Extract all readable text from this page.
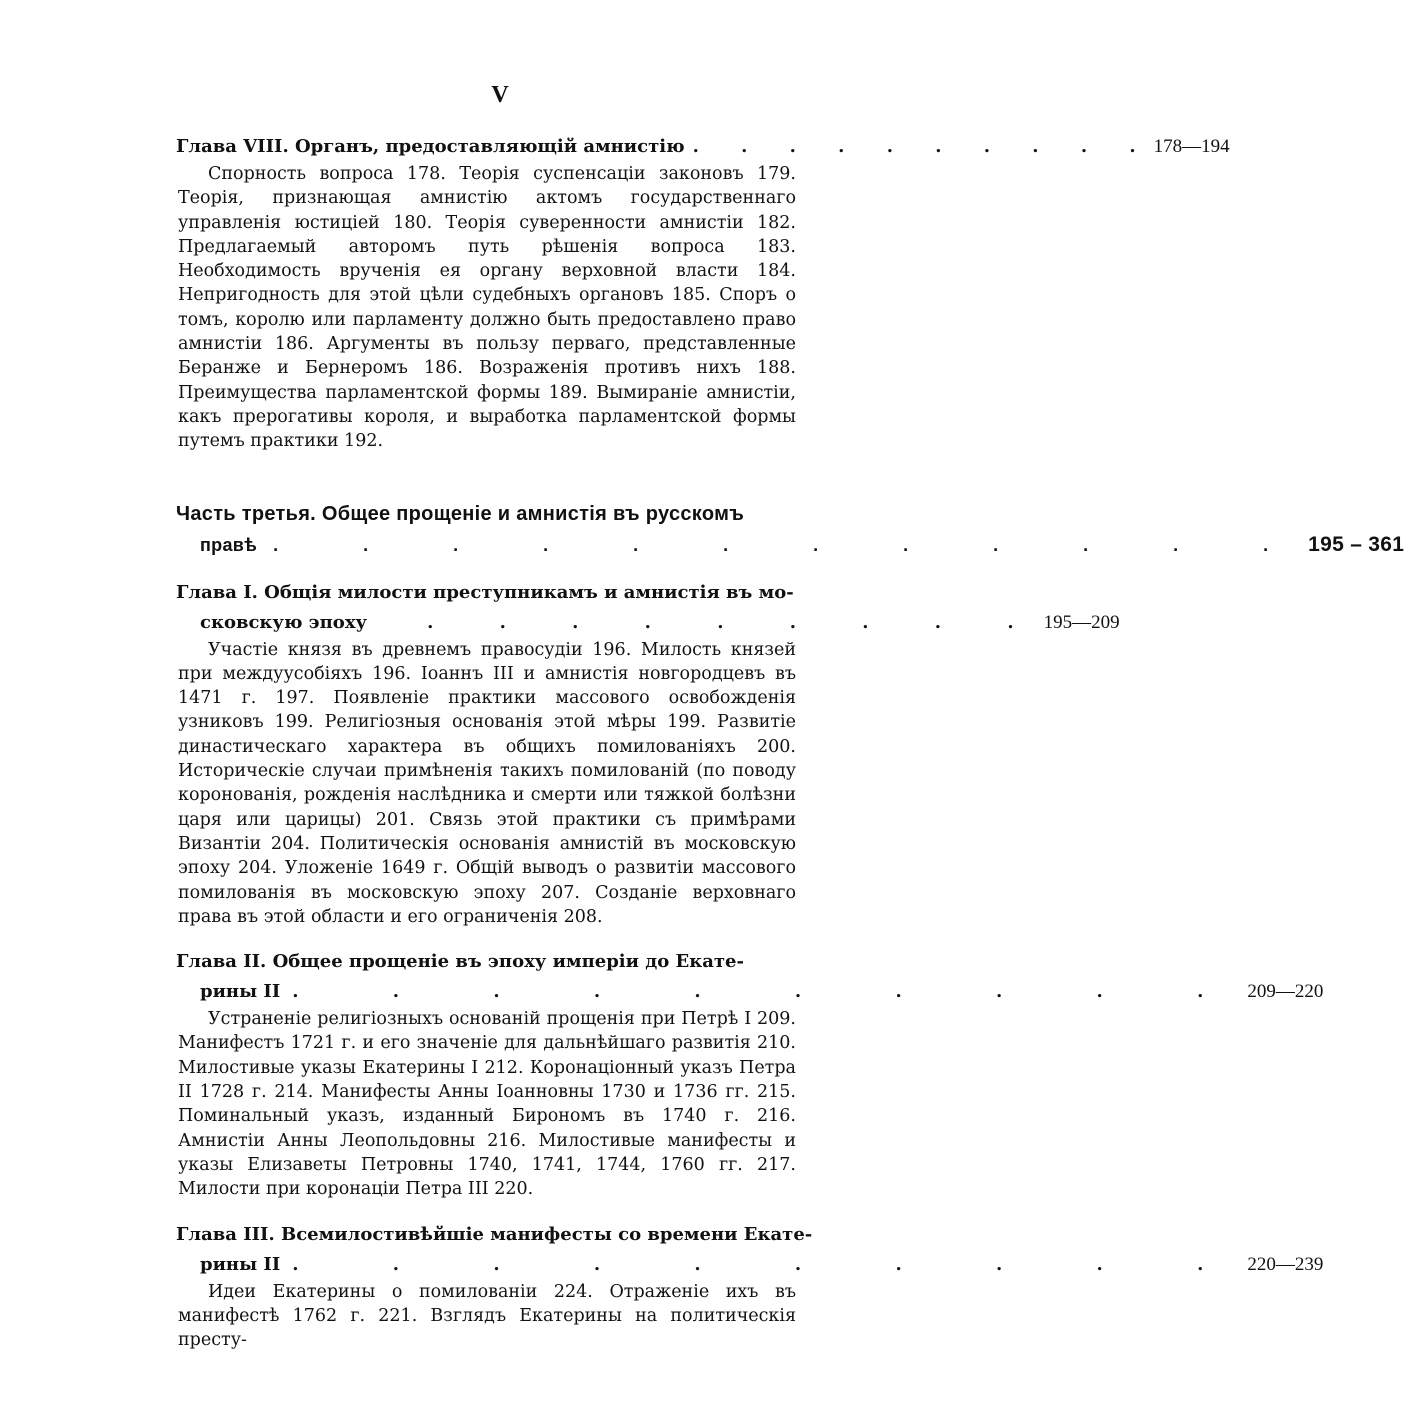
V
Глава VIII. Органъ, предоставляющій амнистію . . . . . . . . . . 178—194
Спорность вопроса 178. Теорія суспенсаціи законовъ 179. Теорія, признающая амнистію актомъ государственнаго управленія юстиціей 180. Теорія суверенности амнистіи 182. Предлагаемый авторомъ путь рѣшенія вопроса 183. Необходимость врученія ея органу верховной власти 184. Непригодность для этой цѣли судебныхъ органовъ 185. Споръ о томъ, королю или парламенту должно быть предоставлено право амнистіи 186. Аргументы въ пользу перваго, представленные Беранже и Бернеромъ 186. Возраженія противъ нихъ 188. Преимущества парламентской формы 189. Вымираніе амнистіи, какъ прерогативы короля, и выработка парламентской формы путемъ практики 192.
Часть третья. Общее прощеніе и амнистія въ русскомъ
правѣ . . . . . . . . . . . . 195 – 361
Глава I. Общія милости преступникамъ и амнистія въ мо-
сковскую эпоху	. . . . . . . . . 195—209
Участіе князя въ древнемъ правосудіи 196. Милость князей при междуусобіяхъ 196. Іоаннъ III и амнистія новгородцевъ въ 1471 г. 197. Появленіе практики массового освобожденія узниковъ 199. Религіозныя основанія этой мѣры 199. Развитіе династическаго характера въ общихъ помилованіяхъ 200. Историческіе случаи примѣненія такихъ помилованій (по поводу коронованія, рожденія наслѣдника и смерти или тяжкой болѣзни царя или царицы) 201. Связь этой практики съ примѣрами Византіи 204. Политическія основанія амнистій въ московскую эпоху 204. Уложеніе 1649 г. Общій выводъ о развитіи массового помилованія въ московскую эпоху 207. Созданіе верховнаго права въ этой области и его ограниченія 208.
Глава II. Общее прощеніе въ эпоху имперіи до Екате-
рины II . . . . . . . . . . 209—220
Устраненіе религіозныхъ основаній прощенія при Петрѣ I 209. Манифестъ 1721 г. и его значеніе для дальнѣйшаго развитія 210. Милостивые указы Екатерины I 212. Коронаціонный указъ Петра II 1728 г. 214. Манифесты Анны Іоанновны 1730 и 1736 гг. 215. Поминальный указъ, изданный Бирономъ въ 1740 г. 216. Амнистіи Анны Леопольдовны 216. Милостивые манифесты и указы Елизаветы Петровны 1740, 1741, 1744, 1760 гг. 217. Милости при коронаціи Петра III 220.
Глава III. Всемилостивѣйшіе манифесты со времени Екате-
рины II . . . . . . . . . . 220—239
Идеи Екатерины о помилованіи 224. Отраженіе ихъ въ манифестѣ 1762 г. 221. Взглядъ Екатерины на политическія престу-
